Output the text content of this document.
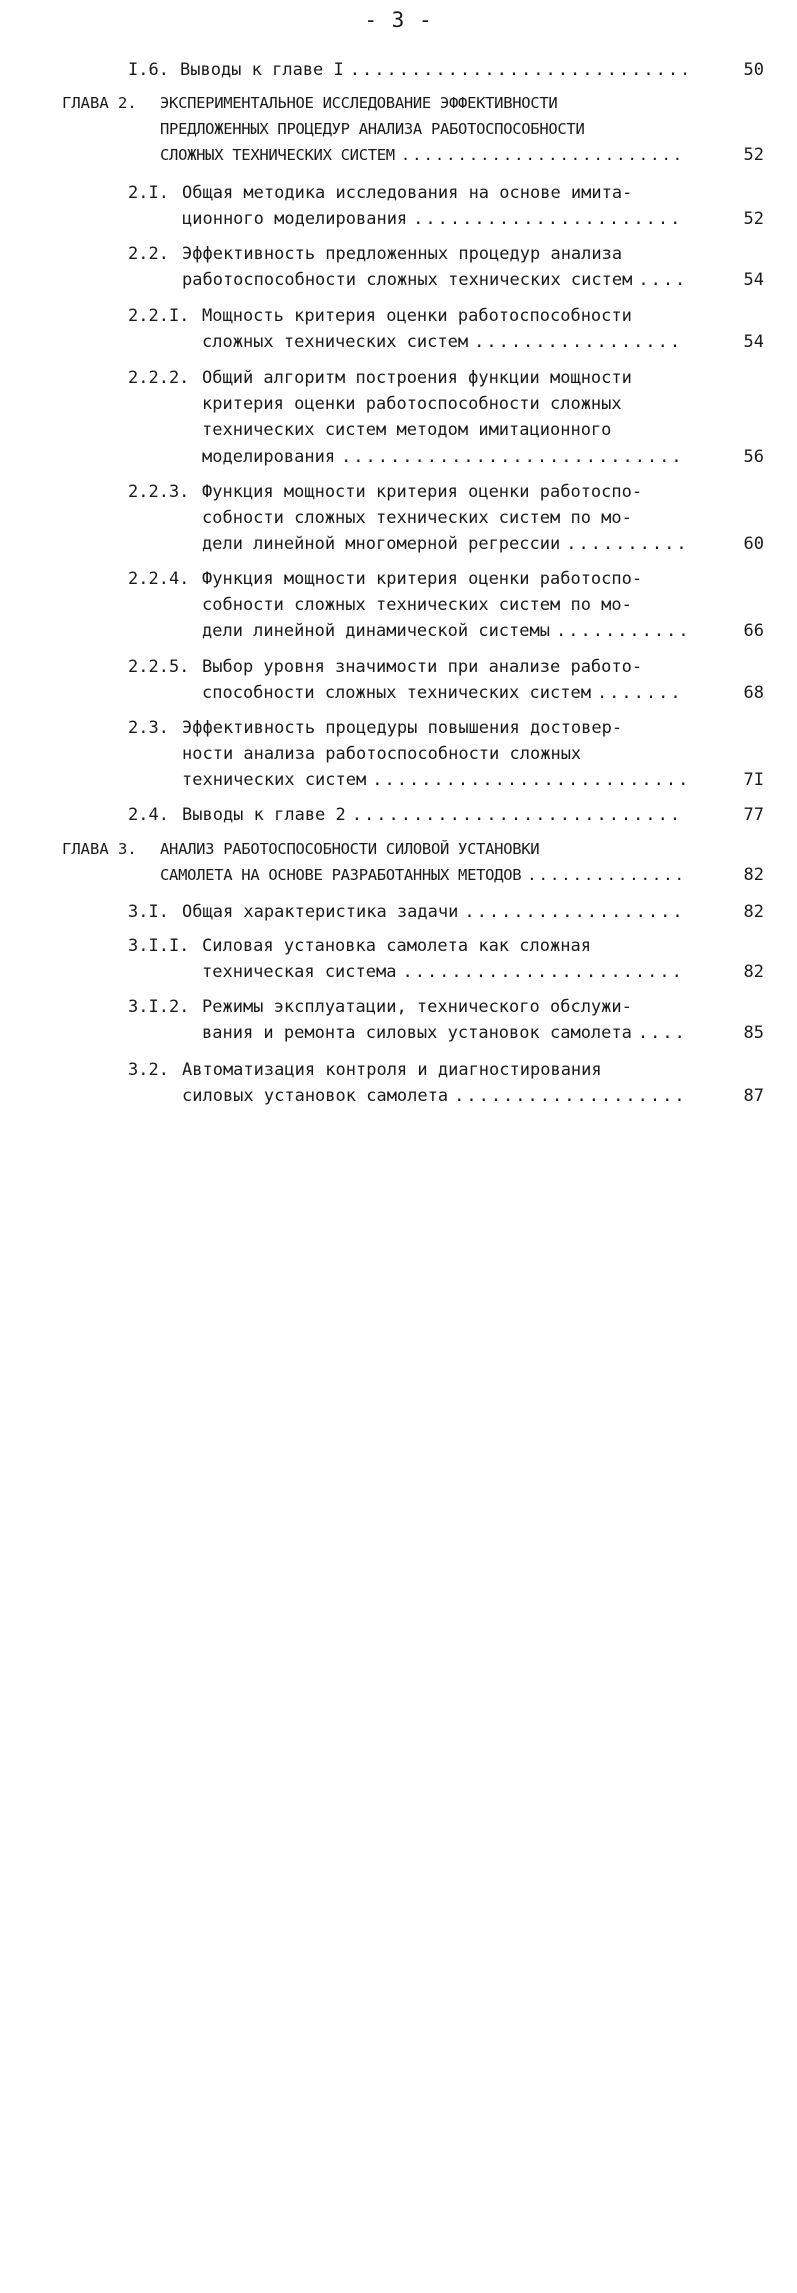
- 3 -
I.6. Выводы к главе I .....	50
ГЛАВА 2. ЭКСПЕРИМЕНТАЛЬНОЕ ИССЛЕДОВАНИЕ ЭФФЕКТИВНОСТИ
ПРЕДЛОЖЕННЫХ ПРОЦЕДУР АНАЛИЗА РАБОТОСПОСОБНОСТИ
СЛОЖНЫХ ТЕХНИЧЕСКИХ СИСТЕМ .....	52
2.I. Общая методика исследования на основе имита-
ционного моделирования .....	52
2.2. Эффективность предложенных процедур анализа
работоспособности сложных технических систем .....	54
2.2.I. Мощность критерия оценки работоспособности
сложных технических систем .....	54
2.2.2. Общий алгоритм построения функции мощности
критерия оценки работоспособности сложных
технических систем методом имитационного
моделирования .....	56
2.2.3. Функция мощности критерия оценки работоспо-
собности сложных технических систем по мо-
дели линейной многомерной регрессии .....	60
2.2.4. Функция мощности критерия оценки работоспо-
собности сложных технических систем по мо-
дели линейной динамической системы .....	66
2.2.5. Выбор уровня значимости при анализе работо-
способности сложных технических систем .....	68
2.3. Эффективность процедуры повышения достовер-
ности анализа работоспособности сложных
технических систем .....	7I
2.4. Выводы к главе 2 .....	77
ГЛАВА 3. АНАЛИЗ РАБОТОСПОСОБНОСТИ СИЛОВОЙ УСТАНОВКИ
САМОЛЕТА НА ОСНОВЕ РАЗРАБОТАННЫХ МЕТОДОВ .....	82
3.I. Общая характеристика задачи .....	82
3.I.I. Силовая установка самолета как сложная
техническая система .....	82
3.I.2. Режимы эксплуатации, технического обслужи-
вания и ремонта силовых установок самолета .....	85
3.2. Автоматизация контроля и диагностирования
силовых установок самолета .....	87
